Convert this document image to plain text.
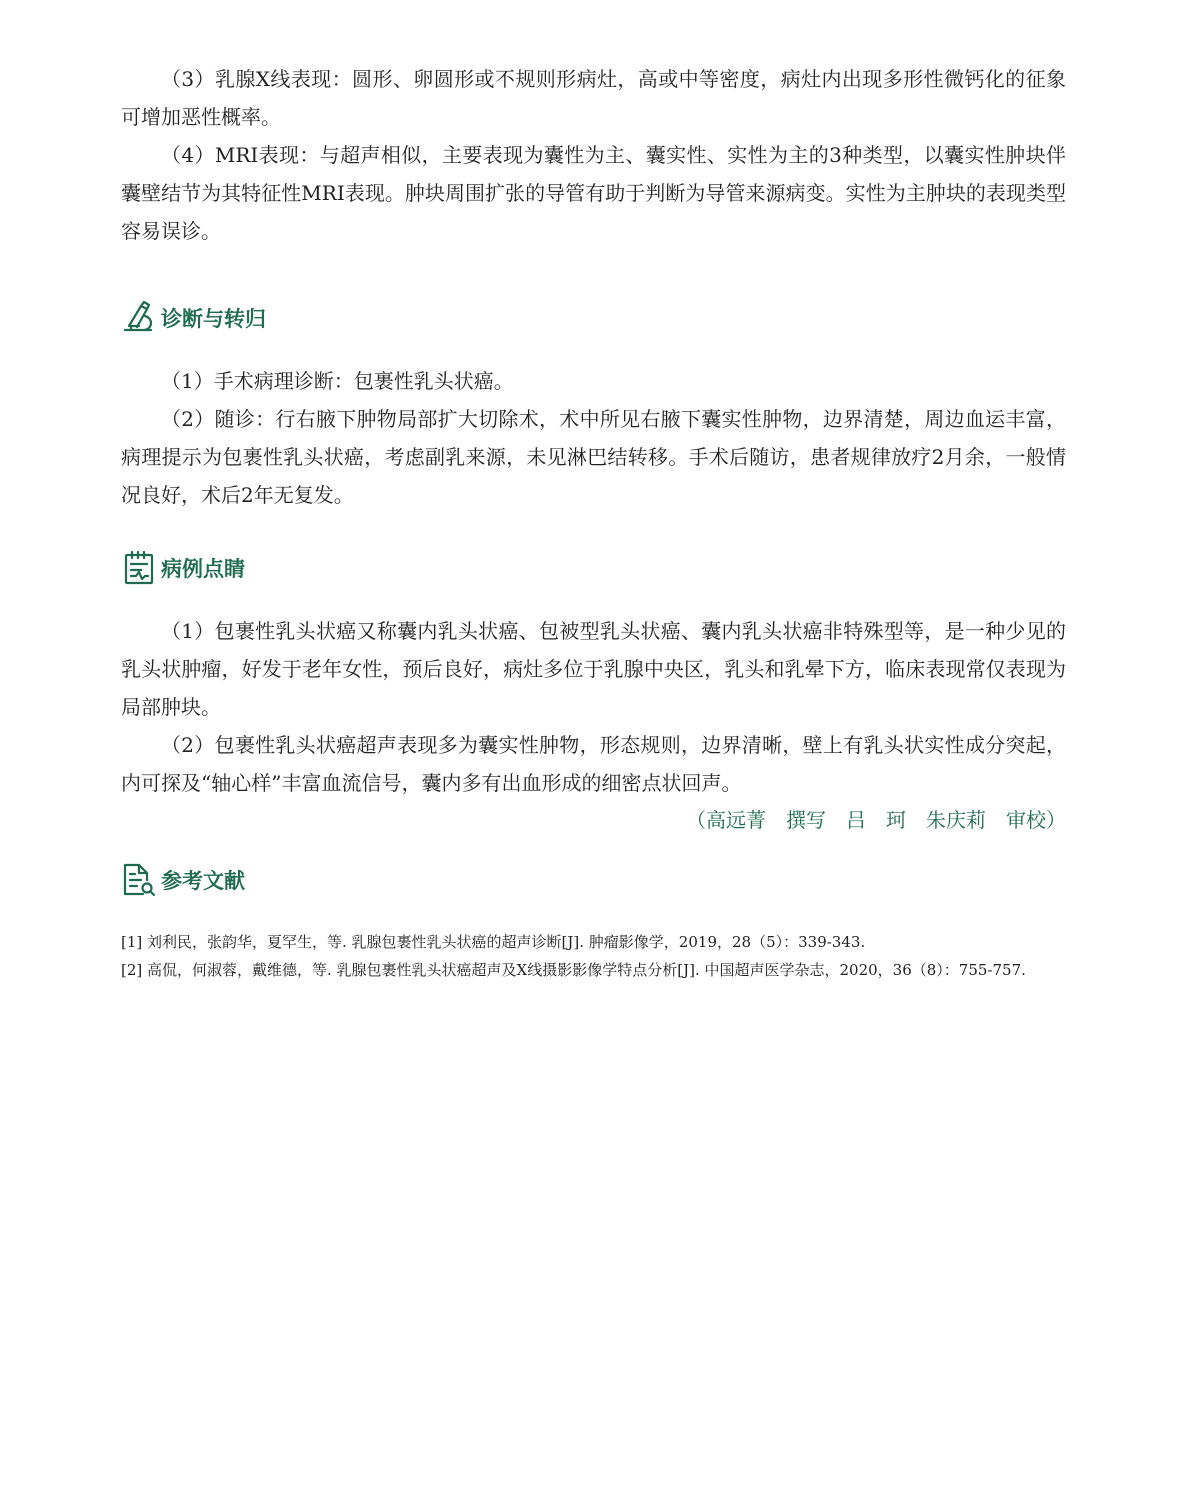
（3）乳腺X线表现：圆形、卵圆形或不规则形病灶，高或中等密度，病灶内出现多形性微钙化的征象可增加恶性概率。

（4）MRI表现：与超声相似，主要表现为囊性为主、囊实性、实性为主的3种类型，以囊实性肿块伴囊壁结节为其特征性MRI表现。肿块周围扩张的导管有助于判断为导管来源病变。实性为主肿块的表现类型容易误诊。

诊断与转归

（1）手术病理诊断：包裹性乳头状癌。

（2）随诊：行右腋下肿物局部扩大切除术，术中所见右腋下囊实性肿物，边界清楚，周边血运丰富，病理提示为包裹性乳头状癌，考虑副乳来源，未见淋巴结转移。手术后随访，患者规律放疗2月余，一般情况良好，术后2年无复发。

病例点睛

（1）包裹性乳头状癌又称囊内乳头状癌、包被型乳头状癌、囊内乳头状癌非特殊型等，是一种少见的乳头状肿瘤，好发于老年女性，预后良好，病灶多位于乳腺中央区，乳头和乳晕下方，临床表现常仅表现为局部肿块。

（2）包裹性乳头状癌超声表现多为囊实性肿物，形态规则，边界清晰，壁上有乳头状实性成分突起，内可探及“轴心样”丰富血流信号，囊内多有出血形成的细密点状回声。

（高远菁　撰写　吕　珂　朱庆莉　审校）

参考文献

[1] 刘利民，张韵华，夏罕生，等. 乳腺包裹性乳头状癌的超声诊断[J]. 肿瘤影像学，2019，28（5）：339-343.

[2] 高侃，何淑蓉，戴维德，等. 乳腺包裹性乳头状癌超声及X线摄影影像学特点分析[J]. 中国超声医学杂志，2020，36（8）：755-757.
